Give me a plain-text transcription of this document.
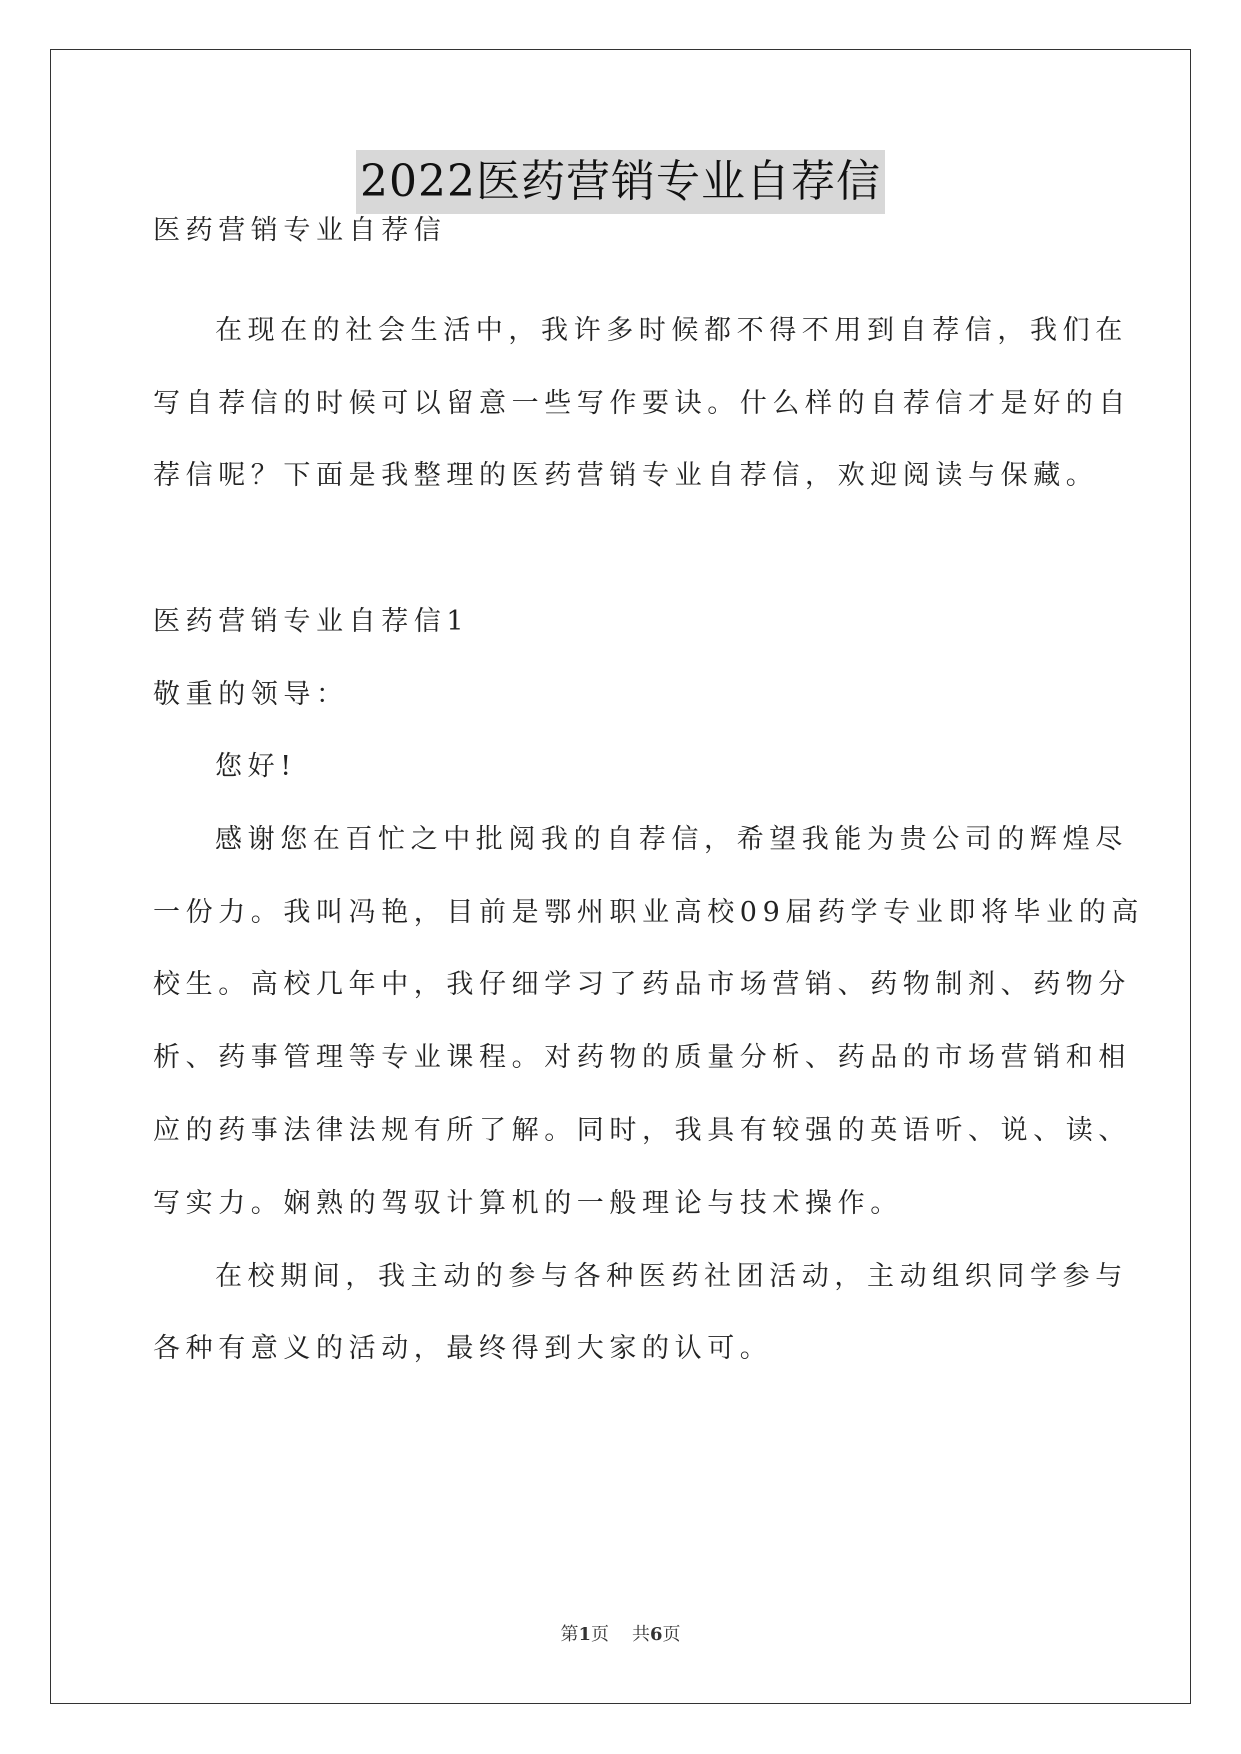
2022医药营销专业自荐信
医药营销专业自荐信
在现在的社会生活中，我许多时候都不得不用到自荐信，我们在
写自荐信的时候可以留意一些写作要诀。什么样的自荐信才是好的自
荐信呢？下面是我整理的医药营销专业自荐信，欢迎阅读与保藏。
医药营销专业自荐信1
敬重的领导：
您好!
感谢您在百忙之中批阅我的自荐信，希望我能为贵公司的辉煌尽
一份力。我叫冯艳，目前是鄂州职业高校09届药学专业即将毕业的高
校生。高校几年中，我仔细学习了药品市场营销、药物制剂、药物分
析、药事管理等专业课程。对药物的质量分析、药品的市场营销和相
应的药事法律法规有所了解。同时，我具有较强的英语听、说、读、
写实力。娴熟的驾驭计算机的一般理论与技术操作。
在校期间，我主动的参与各种医药社团活动，主动组织同学参与
各种有意义的活动，最终得到大家的认可。
第1页 共6页
